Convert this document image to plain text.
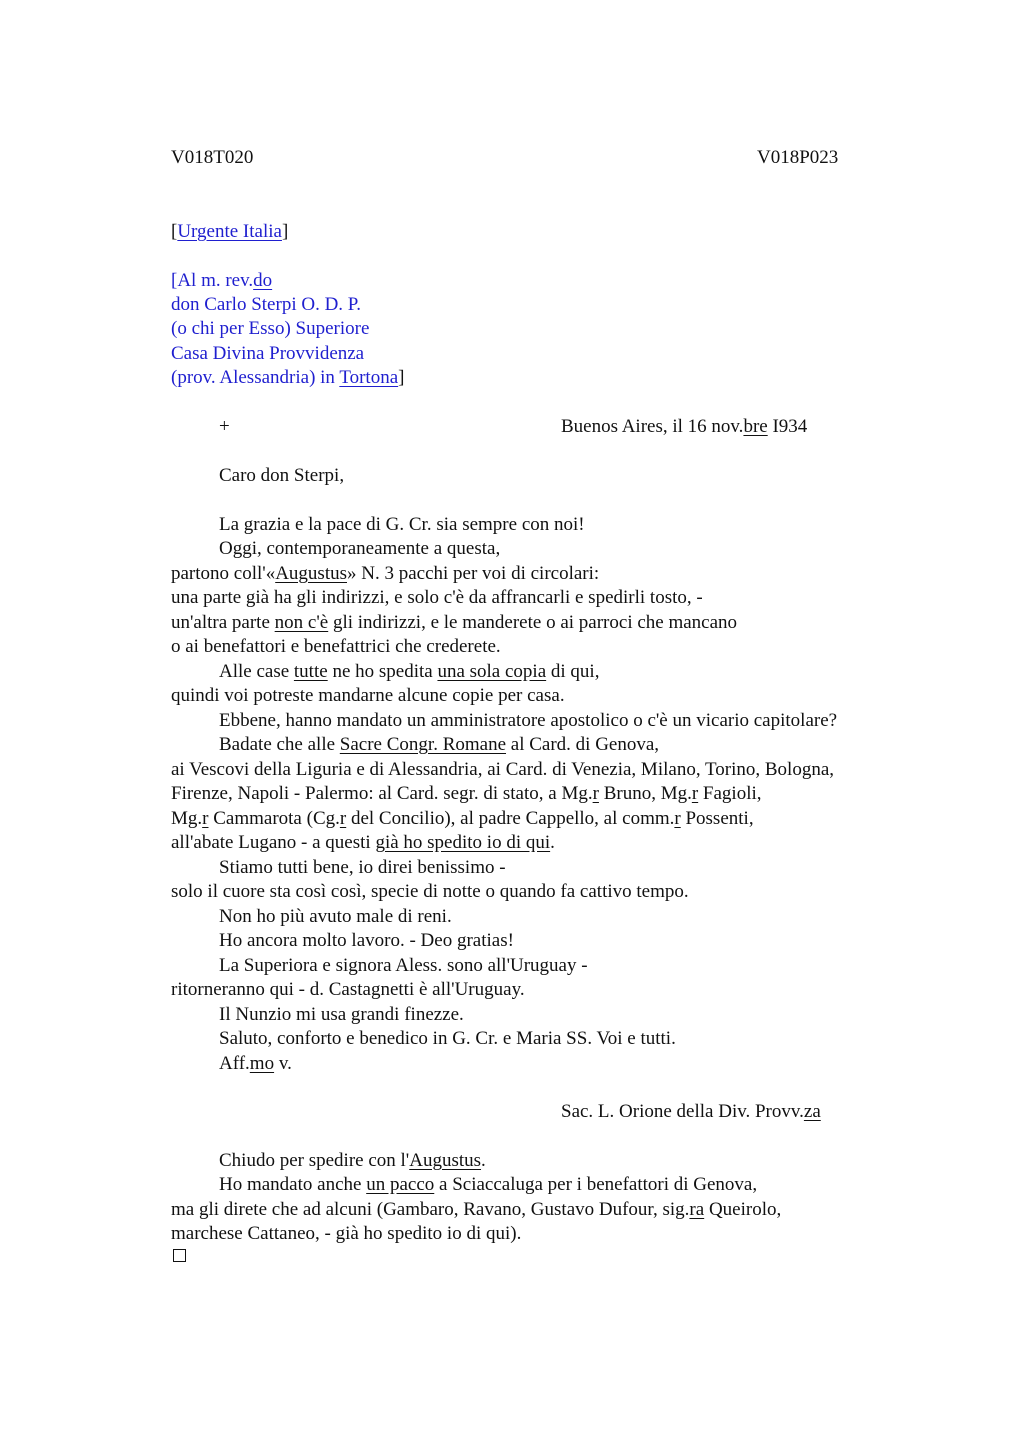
V018T020	V018P023
[Urgente Italia]
[Al m. rev.do
don Carlo Sterpi O. D. P.
(o chi per Esso) Superiore
Casa Divina Provvidenza
(prov. Alessandria) in Tortona]
+	Buenos Aires, il 16 nov.bre I934
Caro don Sterpi,
La grazia e la pace di G. Cr. sia sempre con noi!
Oggi, contemporaneamente a questa,
partono coll'«Augustus» N. 3 pacchi per voi di circolari:
una parte già ha gli indirizzi, e solo c'è da affrancarli e spedirli tosto, -
un'altra parte non c'è gli indirizzi, e le manderete o ai parroci che mancano
o ai benefattori e benefattrici che crederete.
Alle case tutte ne ho spedita una sola copia di qui,
quindi voi potreste mandarne alcune copie per casa.
Ebbene, hanno mandato un amministratore apostolico o c'è un vicario capitolare?
Badate che alle Sacre Congr. Romane al Card. di Genova,
ai Vescovi della Liguria e di Alessandria, ai Card. di Venezia, Milano, Torino, Bologna,
Firenze, Napoli - Palermo: al Card. segr. di stato, a Mg.r Bruno, Mg.r Fagioli,
Mg.r Cammarota (Cg.r del Concilio), al padre Cappello, al comm.r Possenti,
all'abate Lugano - a questi già ho spedito io di qui.
Stiamo tutti bene, io direi benissimo -
solo il cuore sta così così, specie di notte o quando fa cattivo tempo.
Non ho più avuto male di reni.
Ho ancora molto lavoro. - Deo gratias!
La Superiora e signora Aless. sono all'Uruguay -
ritorneranno qui - d. Castagnetti è all'Uruguay.
Il Nunzio mi usa grandi finezze.
Saluto, conforto e benedico in G. Cr. e Maria SS. Voi e tutti.
Aff.mo v.
Sac. L. Orione della Div. Provv.za
Chiudo per spedire con l'Augustus.
Ho mandato anche un pacco a Sciaccaluga per i benefattori di Genova,
ma gli direte che ad alcuni (Gambaro, Ravano, Gustavo Dufour, sig.ra Queirolo,
marchese Cattaneo, - già ho spedito io di qui).
